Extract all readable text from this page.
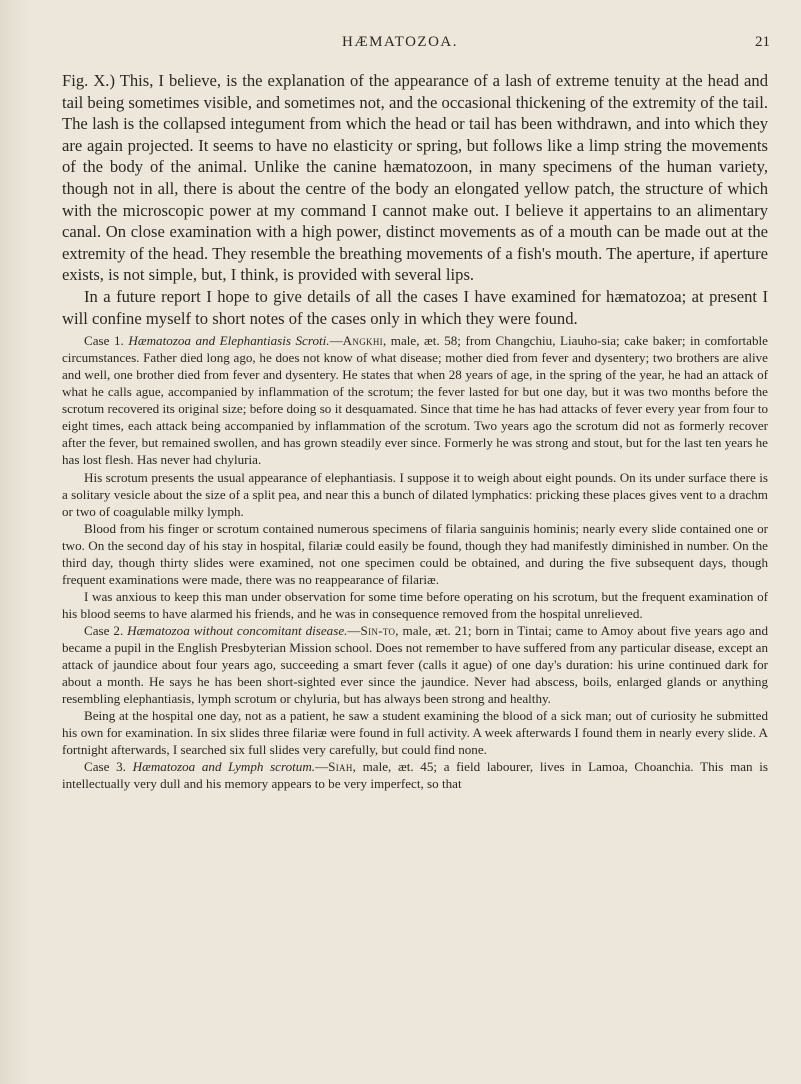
HÆMATOZOA.	21

Fig. X.) This, I believe, is the explanation of the appearance of a lash of extreme tenuity at the head and tail being sometimes visible, and sometimes not, and the occasional thickening of the extremity of the tail. The lash is the collapsed integument from which the head or tail has been withdrawn, and into which they are again projected. It seems to have no elasticity or spring, but follows like a limp string the movements of the body of the animal. Unlike the canine hæmatozoon, in many specimens of the human variety, though not in all, there is about the centre of the body an elongated yellow patch, the structure of which with the microscopic power at my command I cannot make out. I believe it appertains to an alimentary canal. On close examination with a high power, distinct movements as of a mouth can be made out at the extremity of the head. They resemble the breathing movements of a fish's mouth. The aperture, if aperture exists, is not simple, but, I think, is provided with several lips.

In a future report I hope to give details of all the cases I have examined for hæmatozoa; at present I will confine myself to short notes of the cases only in which they were found.

Case 1. Hæmatozoa and Elephantiasis Scroti.—Angkhi, male, æt. 58; from Changchiu, Liauho-sia; cake baker; in comfortable circumstances. Father died long ago, he does not know of what disease; mother died from fever and dysentery; two brothers are alive and well, one brother died from fever and dysentery. He states that when 28 years of age, in the spring of the year, he had an attack of what he calls ague, accompanied by inflammation of the scrotum; the fever lasted for but one day, but it was two months before the scrotum recovered its original size; before doing so it desquamated. Since that time he has had attacks of fever every year from four to eight times, each attack being accompanied by inflammation of the scrotum. Two years ago the scrotum did not as formerly recover after the fever, but remained swollen, and has grown steadily ever since. Formerly he was strong and stout, but for the last ten years he has lost flesh. Has never had chyluria.

His scrotum presents the usual appearance of elephantiasis. I suppose it to weigh about eight pounds. On its under surface there is a solitary vesicle about the size of a split pea, and near this a bunch of dilated lymphatics: pricking these places gives vent to a drachm or two of coagulable milky lymph.

Blood from his finger or scrotum contained numerous specimens of filaria sanguinis hominis; nearly every slide contained one or two. On the second day of his stay in hospital, filariæ could easily be found, though they had manifestly diminished in number. On the third day, though thirty slides were examined, not one specimen could be obtained, and during the five subsequent days, though frequent examinations were made, there was no reappearance of filariæ.

I was anxious to keep this man under observation for some time before operating on his scrotum, but the frequent examination of his blood seems to have alarmed his friends, and he was in consequence removed from the hospital unrelieved.

Case 2. Hæmatozoa without concomitant disease.—Sin-to, male, æt. 21; born in Tintai; came to Amoy about five years ago and became a pupil in the English Presbyterian Mission school. Does not remember to have suffered from any particular disease, except an attack of jaundice about four years ago, succeeding a smart fever (calls it ague) of one day's duration: his urine continued dark for about a month. He says he has been short-sighted ever since the jaundice. Never had abscess, boils, enlarged glands or anything resembling elephantiasis, lymph scrotum or chyluria, but has always been strong and healthy.

Being at the hospital one day, not as a patient, he saw a student examining the blood of a sick man; out of curiosity he submitted his own for examination. In six slides three filariæ were found in full activity. A week afterwards I found them in nearly every slide. A fortnight afterwards, I searched six full slides very carefully, but could find none.

Case 3. Hæmatozoa and Lymph scrotum.—Siah, male, æt. 45; a field labourer, lives in Lamoa, Choanchia. This man is intellectually very dull and his memory appears to be very imperfect, so that
